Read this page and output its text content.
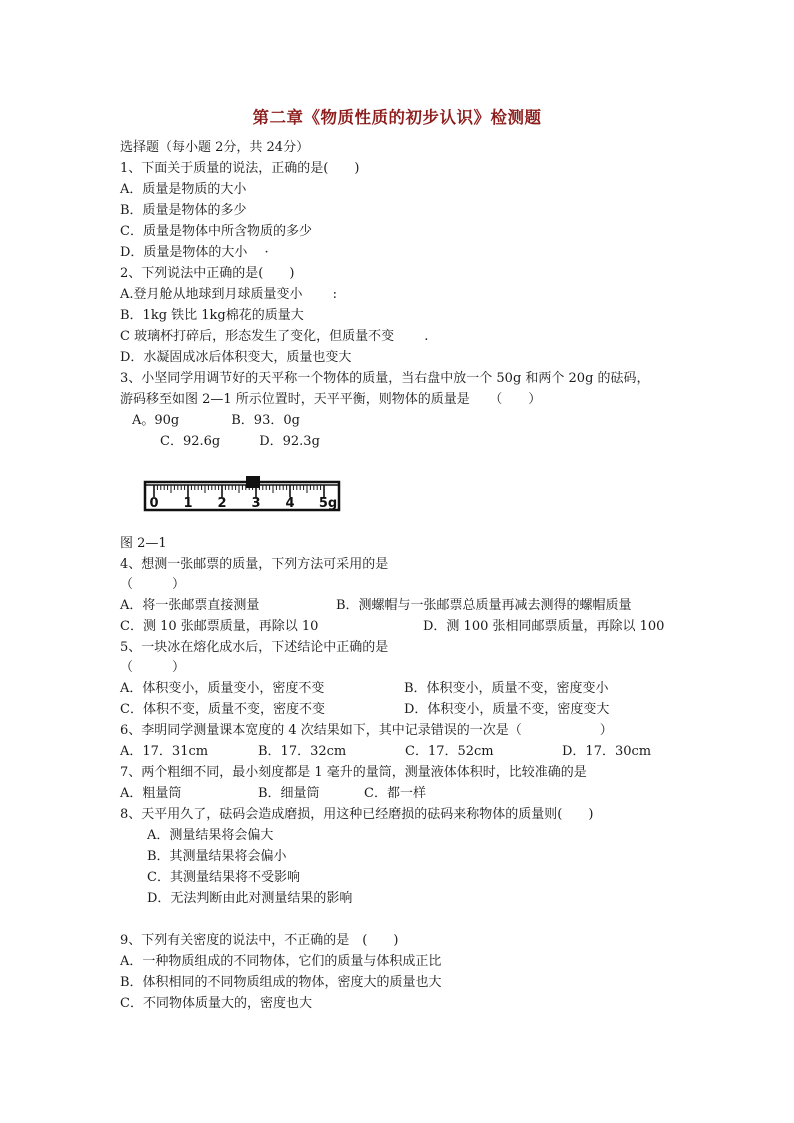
第二章《物质性质的初步认识》检测题
选择题（每小题 2分，共 24分）
1、下面关于质量的说法，正确的是(　　)
A．质量是物质的大小
B．质量是物体的多少
C．质量是物体中所含物质的多少
D．质量是物体的大小　 ·
2、下列说法中正确的是(　　)
A.登月舱从地球到月球质量变小　　 :
B．1kg 铁比 1kg棉花的质量大
C 玻璃杯打碎后，形态发生了变化，但质量不变　　 .
D．水凝固成冰后体积变大，质量也变大
3、小坚同学用调节好的天平称一个物体的质量，当右盘中放一个 50g 和两个 20g 的砝码，
游码移至如图 2—1 所示位置时，天平平衡，则物体的质量是　　（　　）
A。90g　　　　B．93．0g
C．92.6g　　　D．92.3g
0 1 2 3 4 5g
图 2—1
4、想测一张邮票的质量，下列方法可采用的是
（　　　）
A．将一张邮票直接测量	B．测螺帽与一张邮票总质量再减去测得的螺帽质量
C．测 10 张邮票质量，再除以 10	D．测 100 张相同邮票质量，再除以 100
5、一块冰在熔化成水后，下述结论中正确的是
（　　　）
A．体积变小，质量变小，密度不变	B．体积变小，质量不变，密度变小
C．体积不变，质量不变，密度不变	D．体积变小，质量不变，密度变大
6、李明同学测量课本宽度的 4 次结果如下，其中记录错误的一次是（　　　　　　）
A．17．31cm	B．17．32cm	C．17．52cm	D．17．30cm
7、两个粗细不同，最小刻度都是 1 毫升的量筒，测量液体体积时，比较准确的是
A．粗量筒	B．细量筒	C．都一样
8、天平用久了，砝码会造成磨损，用这种已经磨损的砝码来称物体的质量则(　　)
A．测量结果将会偏大
B．其测量结果将会偏小
C．其测量结果将不受影响
D．无法判断由此对测量结果的影响
9、下列有关密度的说法中，不正确的是　(　　)
A．一种物质组成的不同物体，它们的质量与体积成正比
B．体积相同的不同物质组成的物体，密度大的质量也大
C．不同物体质量大的，密度也大
